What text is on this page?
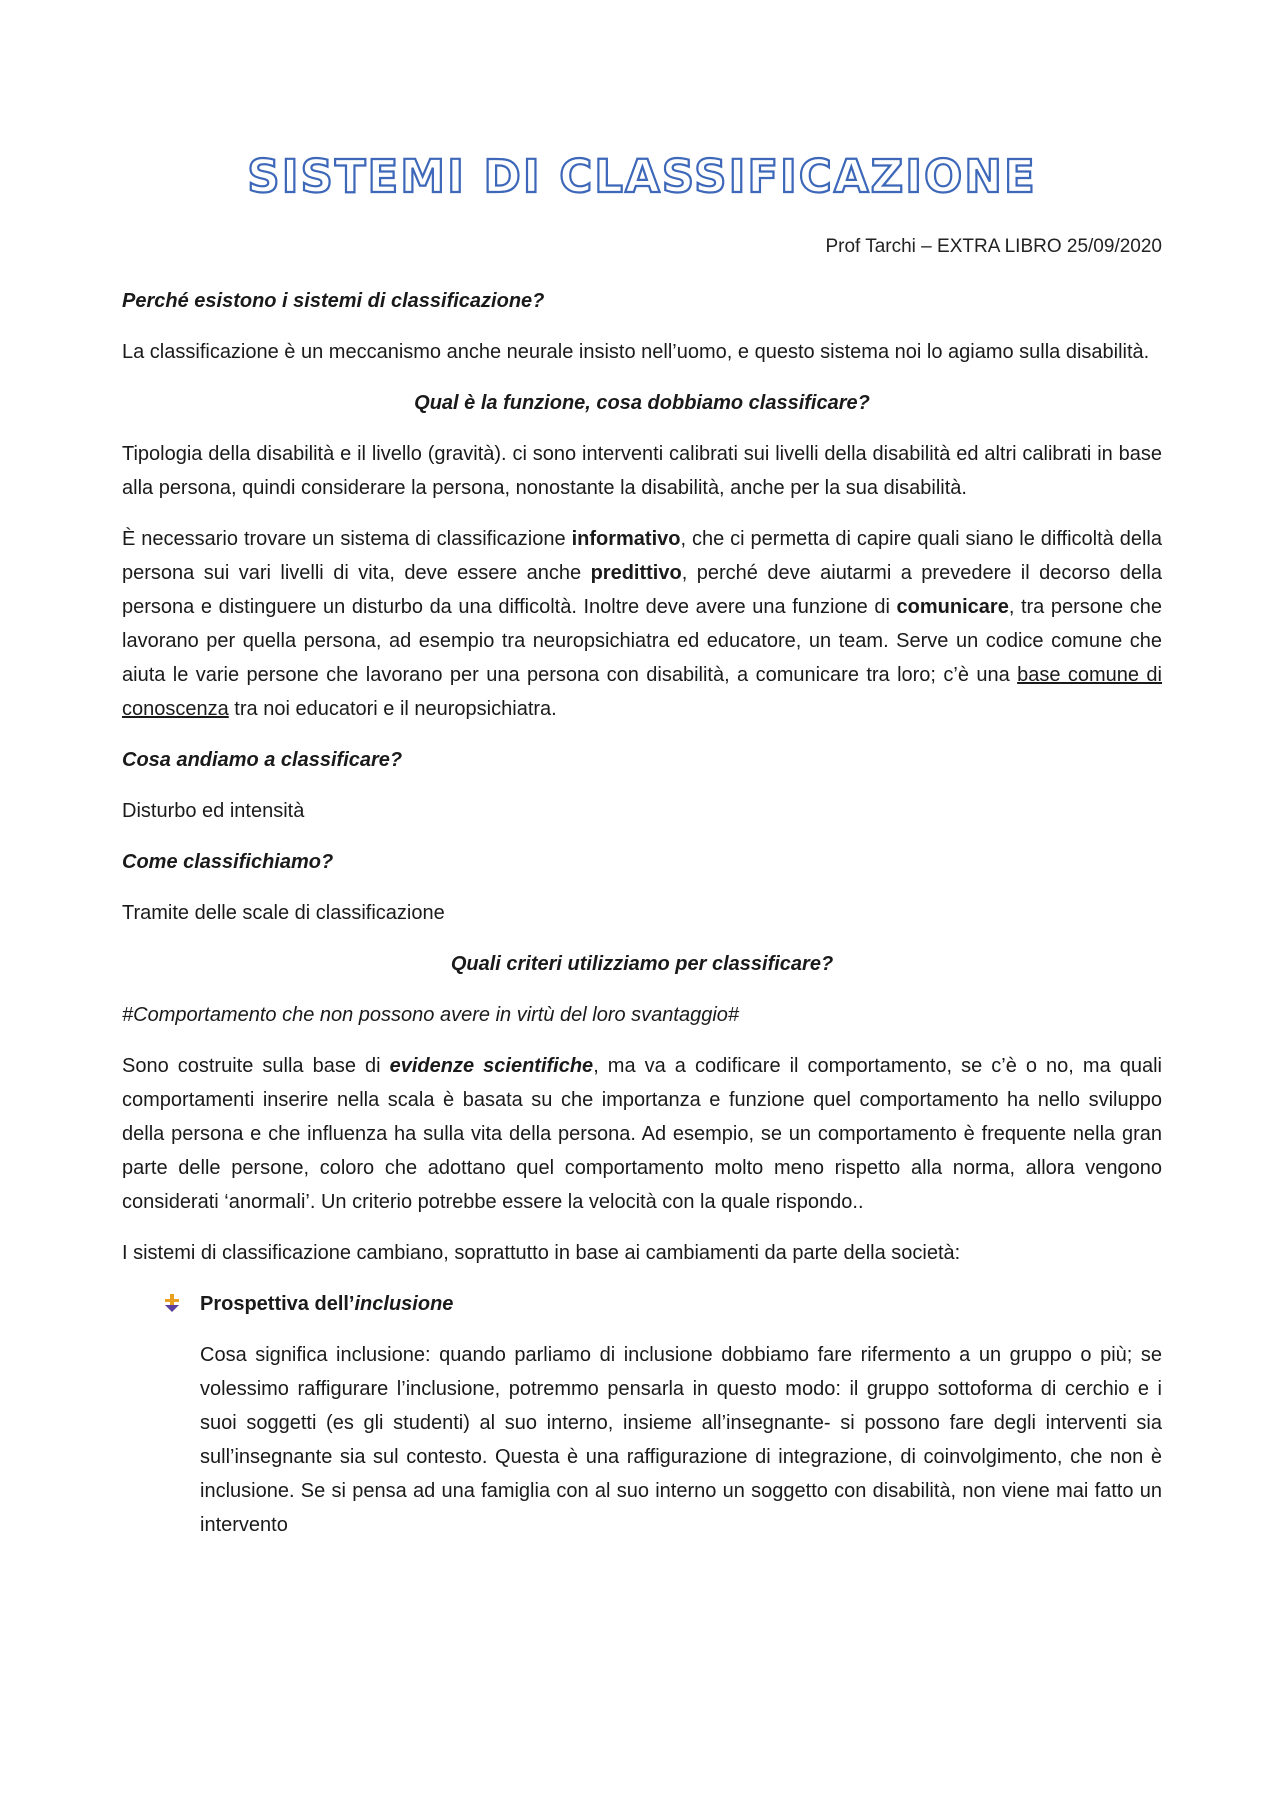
SISTEMI DI CLASSIFICAZIONE

Prof Tarchi – EXTRA LIBRO 25/09/2020

Perché esistono i sistemi di classificazione?

La classificazione è un meccanismo anche neurale insisto nell’uomo, e questo sistema noi lo agiamo sulla disabilità.

Qual è la funzione, cosa dobbiamo classificare?

Tipologia della disabilità e il livello (gravità). ci sono interventi calibrati sui livelli della disabilità ed altri calibrati in base alla persona, quindi considerare la persona, nonostante la disabilità, anche per la sua disabilità.

È necessario trovare un sistema di classificazione informativo, che ci permetta di capire quali siano le difficoltà della persona sui vari livelli di vita, deve essere anche predittivo, perché deve aiutarmi a prevedere il decorso della persona e distinguere un disturbo da una difficoltà. Inoltre deve avere una funzione di comunicare, tra persone che lavorano per quella persona, ad esempio tra neuropsichiatra ed educatore, un team. Serve un codice comune che aiuta le varie persone che lavorano per una persona con disabilità, a comunicare tra loro; c’è una base comune di conoscenza tra noi educatori e il neuropsichiatra.

Cosa andiamo a classificare?

Disturbo ed intensità

Come classifichiamo?

Tramite delle scale di classificazione

Quali criteri utilizziamo per classificare?

#Comportamento che non possono avere in virtù del loro svantaggio#

Sono costruite sulla base di evidenze scientifiche, ma va a codificare il comportamento, se c’è o no, ma quali comportamenti inserire nella scala è basata su che importanza e funzione quel comportamento ha nello sviluppo della persona e che influenza ha sulla vita della persona. Ad esempio, se un comportamento è frequente nella gran parte delle persone, coloro che adottano quel comportamento molto meno rispetto alla norma, allora vengono considerati ‘anormali’. Un criterio potrebbe essere la velocità con la quale rispondo..

I sistemi di classificazione cambiano, soprattutto in base ai cambiamenti da parte della società:

Prospettiva dell’inclusione

Cosa significa inclusione: quando parliamo di inclusione dobbiamo fare rifermento a un gruppo o più; se volessimo raffigurare l’inclusione, potremmo pensarla in questo modo: il gruppo sottoforma di cerchio e i suoi soggetti (es gli studenti) al suo interno, insieme all’insegnante- si possono fare degli interventi sia sull’insegnante sia sul contesto. Questa è una raffigurazione di integrazione, di coinvolgimento, che non è inclusione. Se si pensa ad una famiglia con al suo interno un soggetto con disabilità, non viene mai fatto un intervento
